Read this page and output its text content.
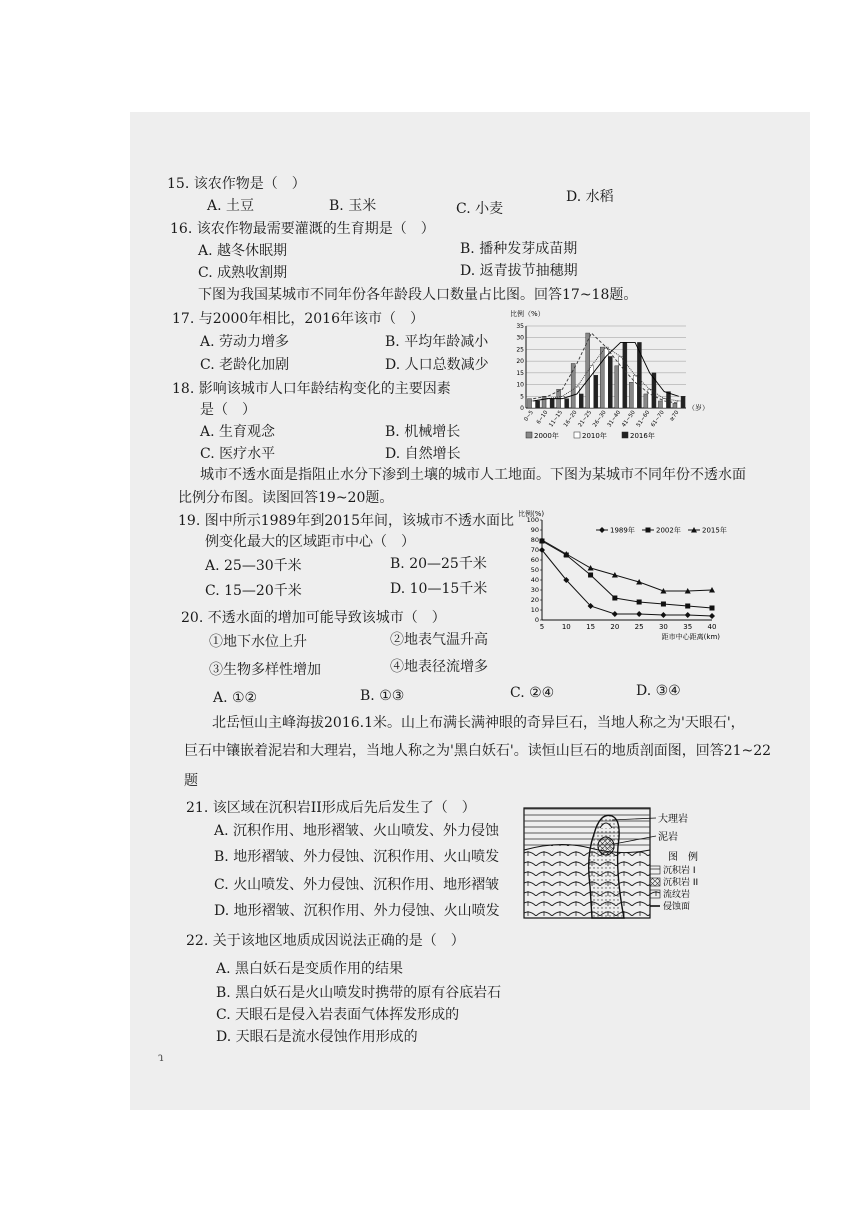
15. 该农作物是（　）
A. 土豆	B. 玉米	C. 小麦
D. 水稻
16. 该农作物最需要灌溉的生育期是（　）
A. 越冬休眠期	B. 播种发芽成苗期
C. 成熟收割期	D. 返青拔节抽穗期
下图为我国某城市不同年份各年龄段人口数量占比图。回答17~18题。
17. 与2000年相比，2016年该市（　）
A. 劳动力增多	B. 平均年龄减小
C. 老龄化加剧	D. 人口总数减少
18. 影响该城市人口年龄结构变化的主要因素
是（　）
A. 生育观念	B. 机械增长
C. 医疗水平	D. 自然增长
比例（%）
0
5
10
15
20
25
30
35
0~5 6~10
11~15
16~20
21~25
26~30
31~40
41~50
51~60
61~70 ≥70
（岁）
2000年	2010年	2016年
城市不透水面是指阻止水分下渗到土壤的城市人工地面。下图为某城市不同年份不透水面
比例分布图。读图回答19~20题。
19. 图中所示1989年到2015年间，该城市不透水面比
例变化最大的区域距市中心（　）
A. 25—30千米	B. 20—25千米
C. 15—20千米	D. 10—15千米
比例(%)
0
10
20
30
40
50
60
70
80
90
100
5	10 15 20 25 30 35 40
距市中心距离(km)
1989年	2002年	2015年
20. 不透水面的增加可能导致该城市（　）
①地下水位上升	②地表气温升高
③生物多样性增加	④地表径流增多
A. ①②	B. ①③	C. ②④	D. ③④
北岳恒山主峰海拔2016.1米。山上布满长满神眼的奇异巨石，当地人称之为'天眼石'，
巨石中镶嵌着泥岩和大理岩，当地人称之为'黑白妖石'。读恒山巨石的地质剖面图，回答21~22
题
21. 该区域在沉积岩II形成后先后发生了（　）
A. 沉积作用、地形褶皱、火山喷发、外力侵蚀
B. 地形褶皱、外力侵蚀、沉积作用、火山喷发
C. 火山喷发、外力侵蚀、沉积作用、地形褶皱
D. 地形褶皱、沉积作用、外力侵蚀、火山喷发
大理岩
泥岩
图　例
沉积岩 I
沉积岩 II
流纹岩
侵蚀面
22. 关于该地区地质成因说法正确的是（　）
A. 黑白妖石是变质作用的结果
B. 黑白妖石是火山喷发时携带的原有谷底岩石
C. 天眼石是侵入岩表面气体挥发形成的
D. 天眼石是流水侵蚀作用形成的
ɿ
